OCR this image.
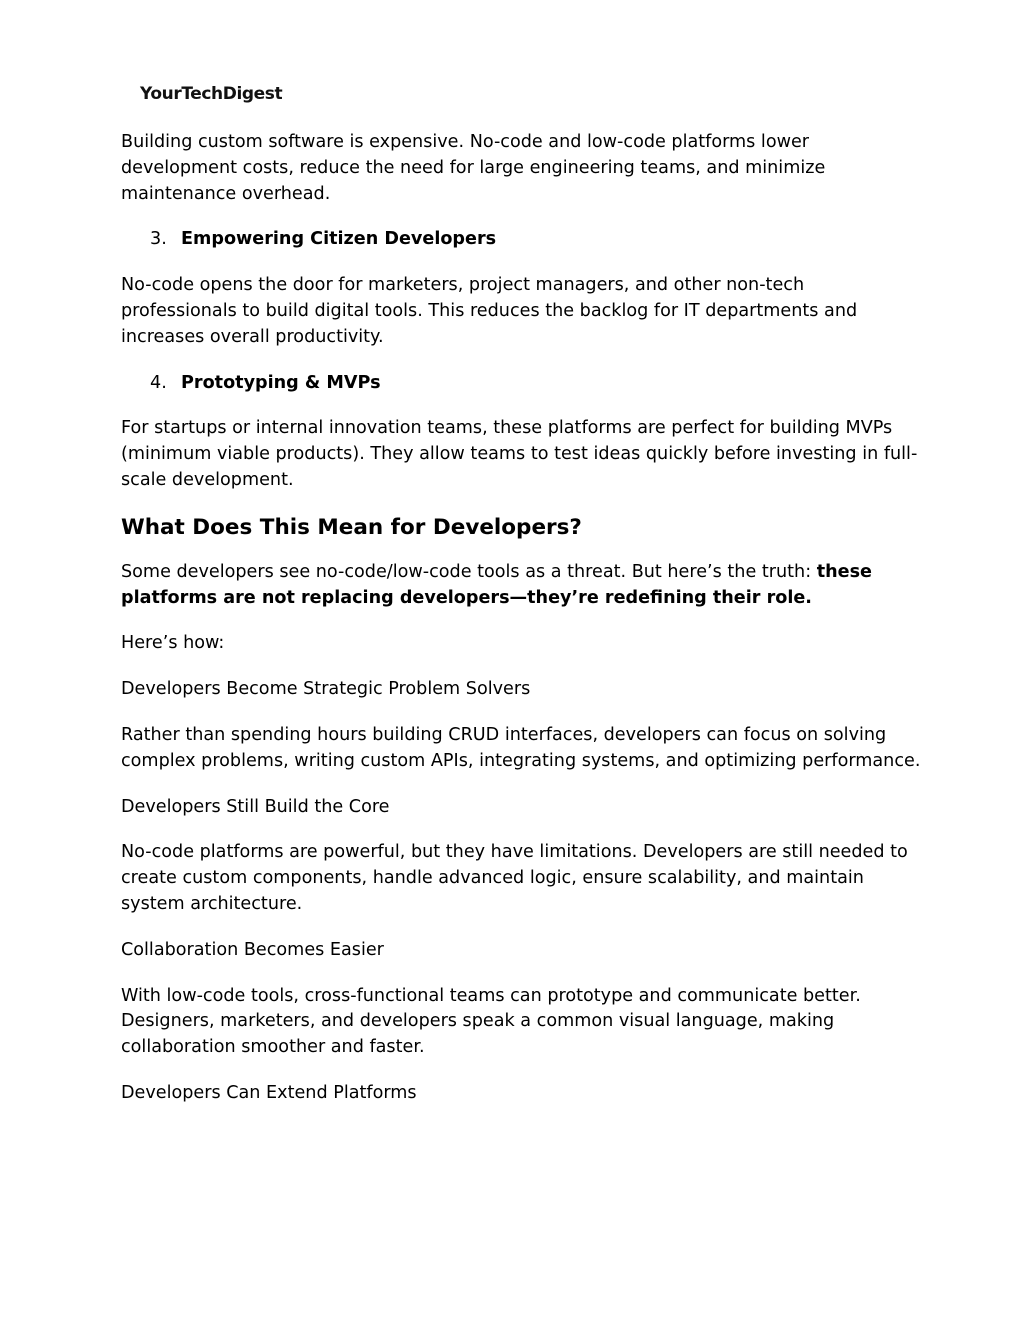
YourTechDigest

Building custom software is expensive. No-code and low-code platforms lower development costs, reduce the need for large engineering teams, and minimize maintenance overhead.

3. Empowering Citizen Developers

No-code opens the door for marketers, project managers, and other non-tech professionals to build digital tools. This reduces the backlog for IT departments and increases overall productivity.

4. Prototyping & MVPs

For startups or internal innovation teams, these platforms are perfect for building MVPs (minimum viable products). They allow teams to test ideas quickly before investing in full-scale development.

What Does This Mean for Developers?

Some developers see no-code/low-code tools as a threat. But here’s the truth: these platforms are not replacing developers—they’re redefining their role.

Here’s how:

Developers Become Strategic Problem Solvers

Rather than spending hours building CRUD interfaces, developers can focus on solving complex problems, writing custom APIs, integrating systems, and optimizing performance.

Developers Still Build the Core

No-code platforms are powerful, but they have limitations. Developers are still needed to create custom components, handle advanced logic, ensure scalability, and maintain system architecture.

Collaboration Becomes Easier

With low-code tools, cross-functional teams can prototype and communicate better. Designers, marketers, and developers speak a common visual language, making collaboration smoother and faster.

Developers Can Extend Platforms
